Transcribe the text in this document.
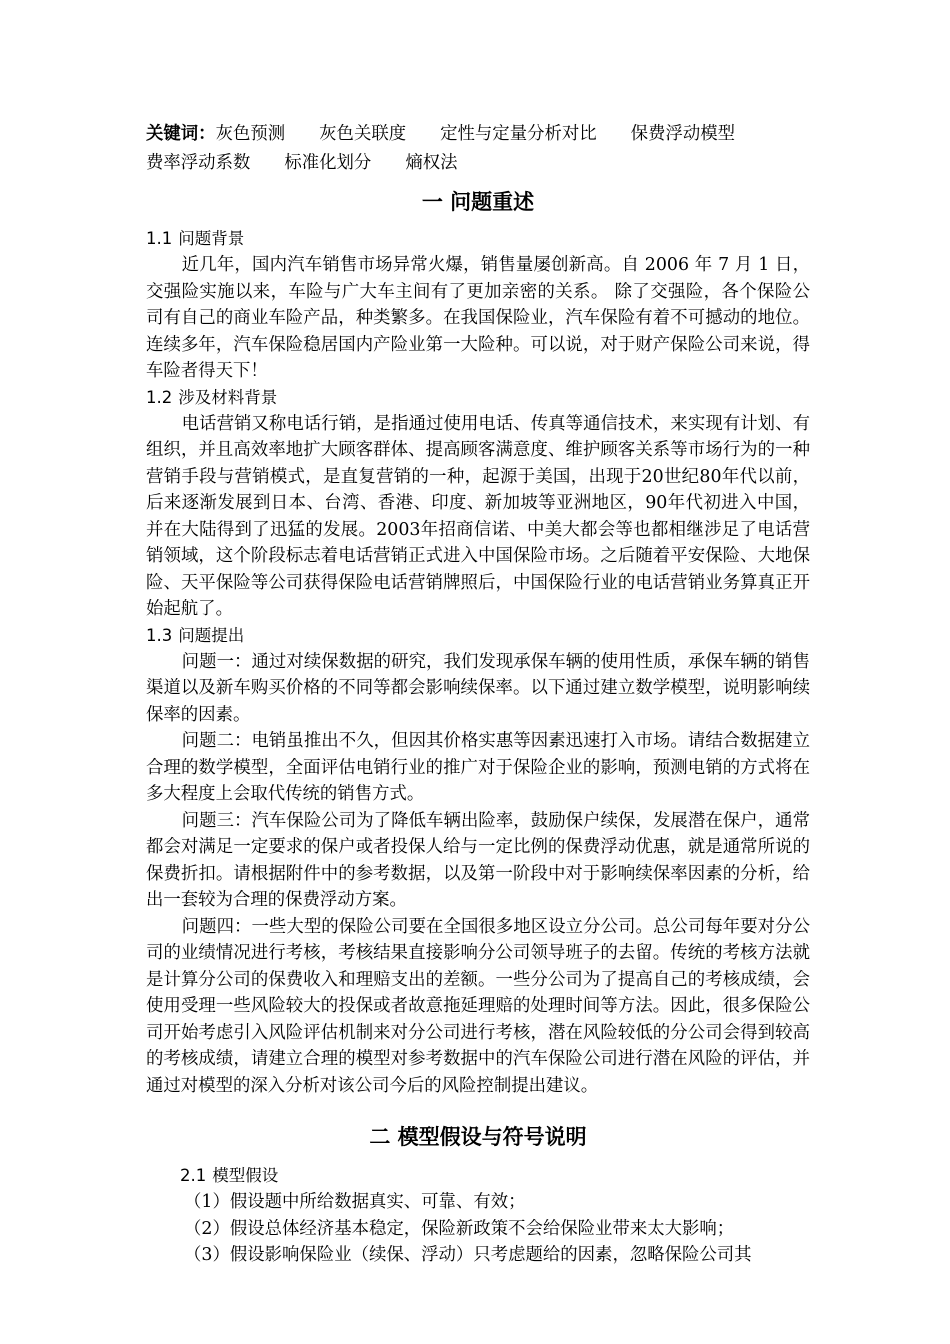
关键词：灰色预测 灰色关联度 定性与定量分析对比 保费浮动模型
费率浮动系数 标准化划分 熵权法
一 问题重述
1.1 问题背景

近几年，国内汽车销售市场异常火爆，销售量屡创新高。自 2006 年 7 月 1 日，交强险实施以来，车险与广大车主间有了更加亲密的关系。 除了交强险，各个保险公司有自己的商业车险产品，种类繁多。在我国保险业，汽车保险有着不可撼动的地位。连续多年，汽车保险稳居国内产险业第一大险种。可以说，对于财产保险公司来说，得车险者得天下！

1.2 涉及材料背景

电话营销又称电话行销，是指通过使用电话、传真等通信技术，来实现有计划、有组织，并且高效率地扩大顾客群体、提高顾客满意度、维护顾客关系等市场行为的一种营销手段与营销模式，是直复营销的一种，起源于美国，出现于20世纪80年代以前，后来逐渐发展到日本、台湾、香港、印度、新加坡等亚洲地区，90年代初进入中国，并在大陆得到了迅猛的发展。2003年招商信诺、中美大都会等也都相继涉足了电话营销领域，这个阶段标志着电话营销正式进入中国保险市场。之后随着平安保险、大地保险、天平保险等公司获得保险电话营销牌照后，中国保险行业的电话营销业务算真正开始起航了。

1.3 问题提出

问题一：通过对续保数据的研究，我们发现承保车辆的使用性质，承保车辆的销售渠道以及新车购买价格的不同等都会影响续保率。以下通过建立数学模型，说明影响续保率的因素。

问题二：电销虽推出不久，但因其价格实惠等因素迅速打入市场。请结合数据建立合理的数学模型，全面评估电销行业的推广对于保险企业的影响，预测电销的方式将在多大程度上会取代传统的销售方式。

问题三：汽车保险公司为了降低车辆出险率，鼓励保户续保，发展潜在保户，通常都会对满足一定要求的保户或者投保人给与一定比例的保费浮动优惠，就是通常所说的保费折扣。请根据附件中的参考数据，以及第一阶段中对于影响续保率因素的分析，给出一套较为合理的保费浮动方案。

问题四：一些大型的保险公司要在全国很多地区设立分公司。总公司每年要对分公司的业绩情况进行考核，考核结果直接影响分公司领导班子的去留。传统的考核方法就是计算分公司的保费收入和理赔支出的差额。一些分公司为了提高自己的考核成绩，会使用受理一些风险较大的投保或者故意拖延理赔的处理时间等方法。因此，很多保险公司开始考虑引入风险评估机制来对分公司进行考核，潜在风险较低的分公司会得到较高的考核成绩，请建立合理的模型对参考数据中的汽车保险公司进行潜在风险的评估，并通过对模型的深入分析对该公司今后的风险控制提出建议。

二 模型假设与符号说明
2.1 模型假设

（1）假设题中所给数据真实、可靠、有效；

（2）假设总体经济基本稳定，保险新政策不会给保险业带来太大影响；

（3）假设影响保险业（续保、浮动）只考虑题给的因素，忽略保险公司其
